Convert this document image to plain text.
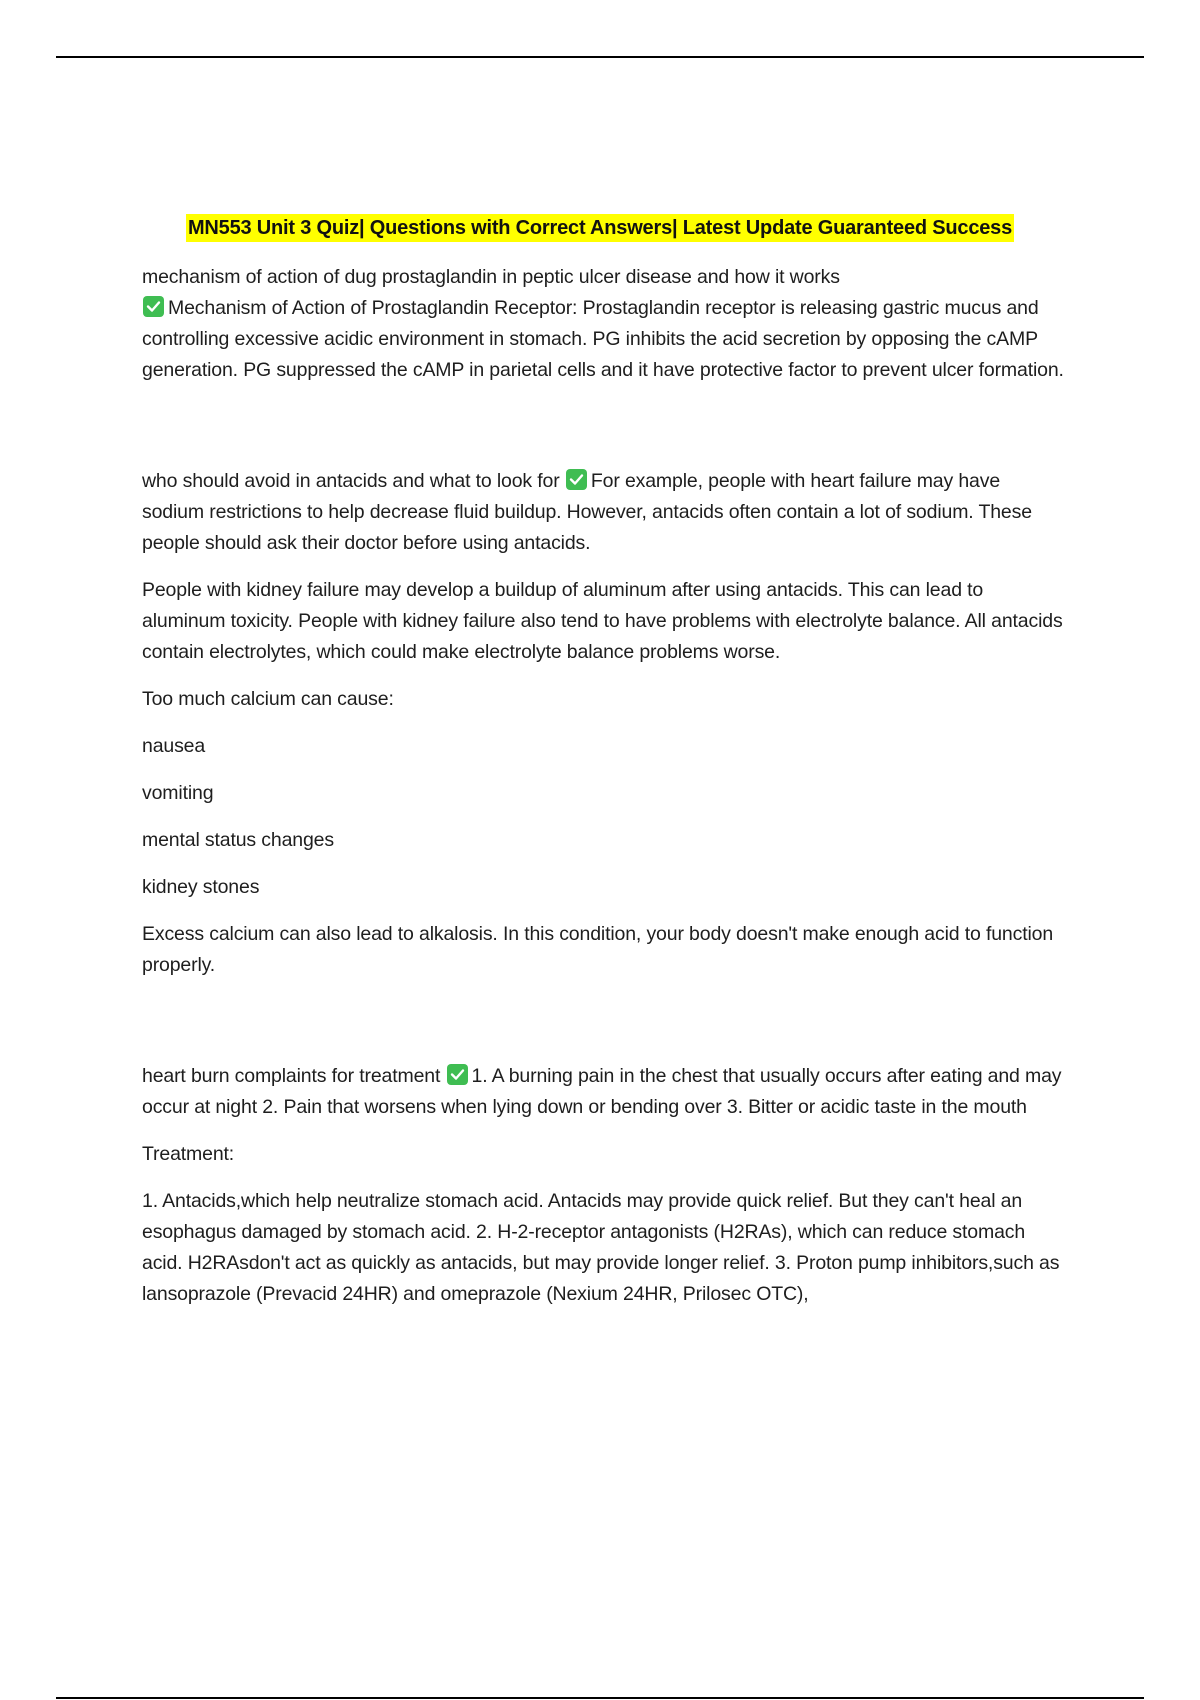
MN553 Unit 3 Quiz| Questions with Correct Answers| Latest Update Guaranteed Success

mechanism of action of dug prostaglandin in peptic ulcer disease and how it works

Mechanism of Action of Prostaglandin Receptor: Prostaglandin receptor is releasing gastric mucus and controlling excessive acidic environment in stomach. PG inhibits the acid secretion by opposing the cAMP generation. PG suppressed the cAMP in parietal cells and it have protective factor to prevent ulcer formation.

who should avoid in antacids and what to look for For example, people with heart failure may have sodium restrictions to help decrease fluid buildup. However, antacids often contain a lot of sodium. These people should ask their doctor before using antacids.

People with kidney failure may develop a buildup of aluminum after using antacids. This can lead to aluminum toxicity. People with kidney failure also tend to have problems with electrolyte balance. All antacids contain electrolytes, which could make electrolyte balance problems worse.

Too much calcium can cause:

nausea

vomiting

mental status changes

kidney stones

Excess calcium can also lead to alkalosis. In this condition, your body doesn't make enough acid to function properly.

heart burn complaints for treatment 1. A burning pain in the chest that usually occurs after eating and may occur at night 2. Pain that worsens when lying down or bending over 3. Bitter or acidic taste in the mouth

Treatment:

1. Antacids,which help neutralize stomach acid. Antacids may provide quick relief. But they can't heal an esophagus damaged by stomach acid. 2. H-2-receptor antagonists (H2RAs), which can reduce stomach acid. H2RAsdon't act as quickly as antacids, but may provide longer relief. 3. Proton pump inhibitors,such as lansoprazole (Prevacid 24HR) and omeprazole (Nexium 24HR, Prilosec OTC),
